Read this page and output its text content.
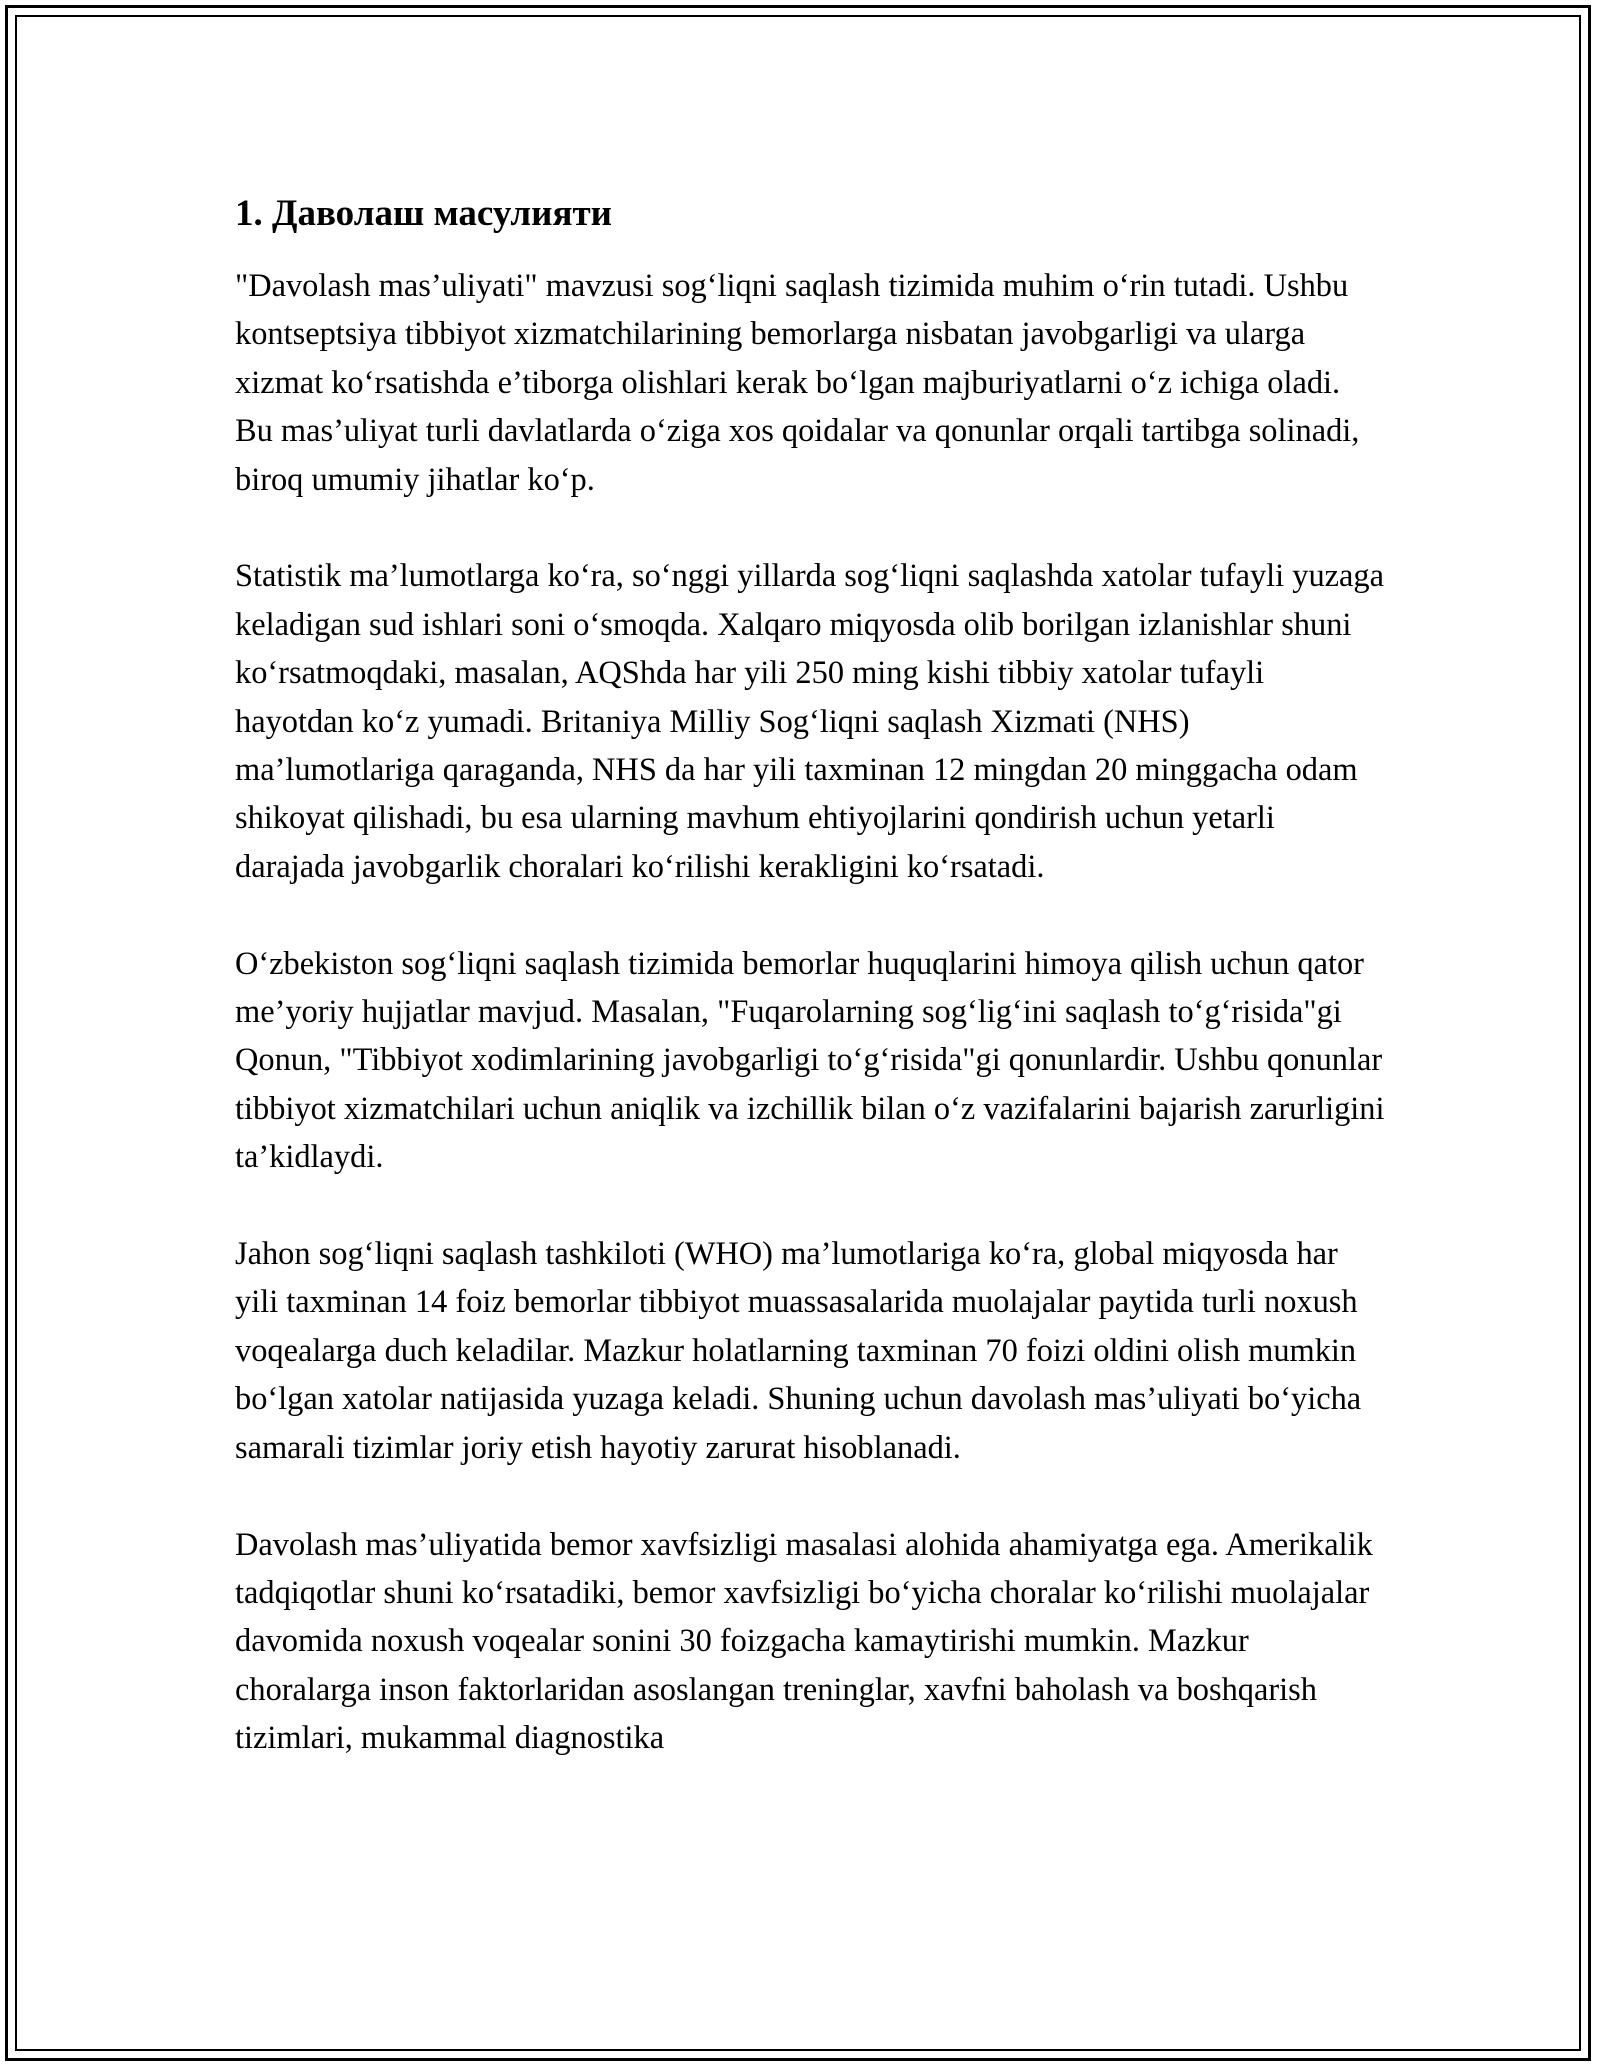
1. Даволаш масулияти

"Davolash mas’uliyati" mavzusi sog‘liqni saqlash tizimida muhim o‘rin tutadi. Ushbu kontseptsiya tibbiyot xizmatchilarining bemorlarga nisbatan javobgarligi va ularga xizmat ko‘rsatishda e’tiborga olishlari kerak bo‘lgan majburiyatlarni o‘z ichiga oladi. Bu mas’uliyat turli davlatlarda o‘ziga xos qoidalar va qonunlar orqali tartibga solinadi, biroq umumiy jihatlar ko‘p.

Statistik ma’lumotlarga ko‘ra, so‘nggi yillarda sog‘liqni saqlashda xatolar tufayli yuzaga keladigan sud ishlari soni o‘smoqda. Xalqaro miqyosda olib borilgan izlanishlar shuni ko‘rsatmoqdaki, masalan, AQShda har yili 250 ming kishi tibbiy xatolar tufayli hayotdan ko‘z yumadi. Britaniya Milliy Sog‘liqni saqlash Xizmati (NHS) ma’lumotlariga qaraganda, NHS da har yili taxminan 12 mingdan 20 minggacha odam shikoyat qilishadi, bu esa ularning mavhum ehtiyojlarini qondirish uchun yetarli darajada javobgarlik choralari ko‘rilishi kerakligini ko‘rsatadi.

O‘zbekiston sog‘liqni saqlash tizimida bemorlar huquqlarini himoya qilish uchun qator me’yoriy hujjatlar mavjud. Masalan, "Fuqarolarning sog‘lig‘ini saqlash to‘g‘risida"gi Qonun, "Tibbiyot xodimlarining javobgarligi to‘g‘risida"gi qonunlardir. Ushbu qonunlar tibbiyot xizmatchilari uchun aniqlik va izchillik bilan o‘z vazifalarini bajarish zarurligini ta’kidlaydi.

Jahon sog‘liqni saqlash tashkiloti (WHO) ma’lumotlariga ko‘ra, global miqyosda har yili taxminan 14 foiz bemorlar tibbiyot muassasalarida muolajalar paytida turli noxush voqealarga duch keladilar. Mazkur holatlarning taxminan 70 foizi oldini olish mumkin bo‘lgan xatolar natijasida yuzaga keladi. Shuning uchun davolash mas’uliyati bo‘yicha samarali tizimlar joriy etish hayotiy zarurat hisoblanadi.

Davolash mas’uliyatida bemor xavfsizligi masalasi alohida ahamiyatga ega. Amerikalik tadqiqotlar shuni ko‘rsatadiki, bemor xavfsizligi bo‘yicha choralar ko‘rilishi muolajalar davomida noxush voqealar sonini 30 foizgacha kamaytirishi mumkin. Mazkur choralarga inson faktorlaridan asoslangan treninglar, xavfni baholash va boshqarish tizimlari, mukammal diagnostika
